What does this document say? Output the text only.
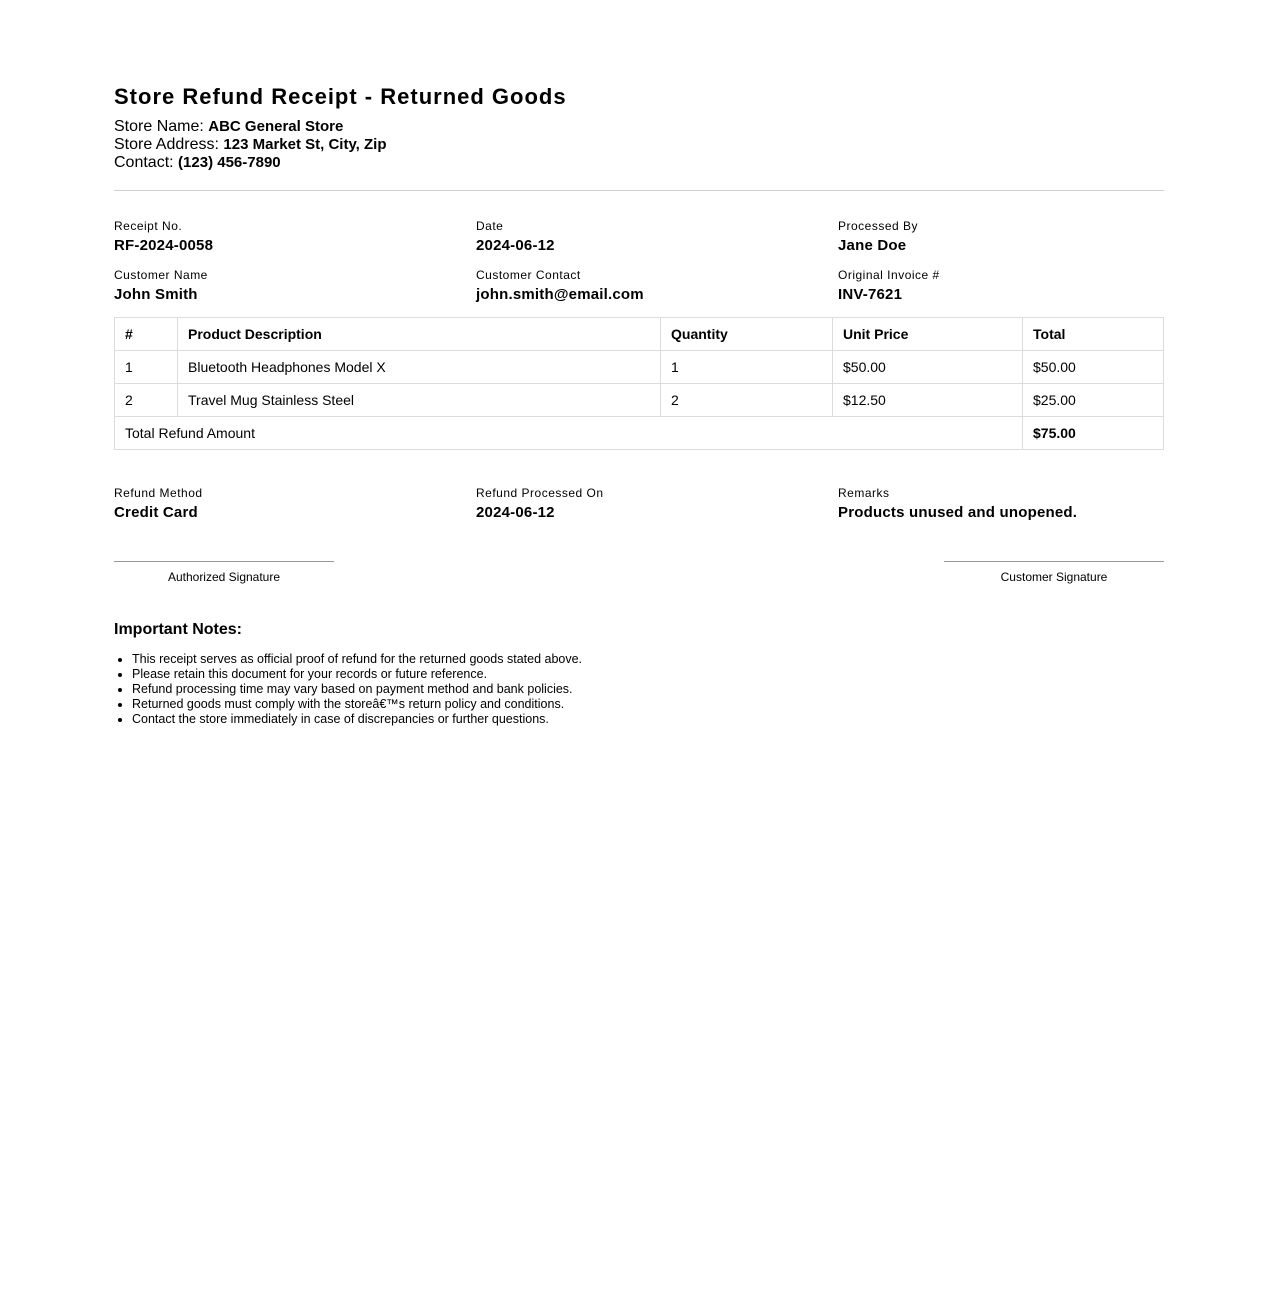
Store Refund Receipt - Returned Goods
Store Name: ABC General Store
Store Address: 123 Market St, City, Zip
Contact: (123) 456-7890
Receipt No.
RF-2024-0058
Date
2024-06-12
Processed By
Jane Doe
Customer Name
John Smith
Customer Contact
john.smith@email.com
Original Invoice #
INV-7621
#	Product Description	Quantity	Unit Price	Total
1	Bluetooth Headphones Model X	1	$50.00	$50.00
2	Travel Mug Stainless Steel	2	$12.50	$25.00
Total Refund Amount				$75.00
Refund Method
Credit Card
Refund Processed On
2024-06-12
Remarks
Products unused and unopened.
Authorized Signature	Customer Signature
Important Notes:
• This receipt serves as official proof of refund for the returned goods stated above.
• Please retain this document for your records or future reference.
• Refund processing time may vary based on payment method and bank policies.
• Returned goods must comply with the storeâ€™s return policy and conditions.
• Contact the store immediately in case of discrepancies or further questions.
